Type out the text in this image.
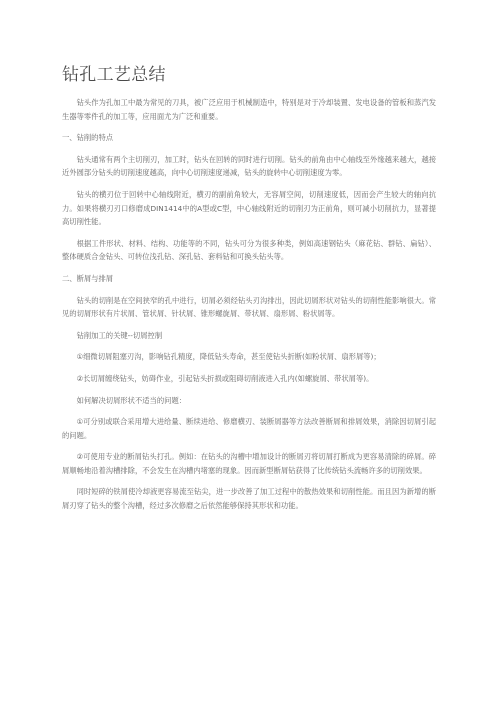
钻孔工艺总结

钻头作为孔加工中最为常见的刀具，被广泛应用于机械制造中，特别是对于冷却装置、发电设备的管板和蒸汽发生器等零件孔的加工等，应用面尤为广泛和重要。

一、钻削的特点

钻头通常有两个主切削刃，加工时，钻头在回转的同时进行切削。钻头的前角由中心轴线至外缘越来越大，越接近外圆部分钻头的切削速度越高，向中心切削速度递减，钻头的旋转中心切削速度为零。

钻头的横刃位于回转中心轴线附近，横刃的副前角较大，无容屑空间，切削速度低，因而会产生较大的轴向抗力。如果将横刃刃口修磨成DIN1414中的A型或C型，中心轴线附近的切削刃为正前角，则可减小切削抗力，显著提高切削性能。

根据工件形状、材料、结构、功能等的不同，钻头可分为很多种类，例如高速钢钻头（麻花钻、群钻、扁钻）、整体硬质合金钻头、可转位浅孔钻、深孔钻、套料钻和可换头钻头等。

二、断屑与排屑

钻头的切削是在空间狭窄的孔中进行，切屑必须经钻头刃沟排出，因此切屑形状对钻头的切削性能影响很大。常见的切屑形状有片状屑、管状屑、针状屑、锥形螺旋屑、带状屑、扇形屑、粉状屑等。

钻削加工的关键--切屑控制

①细微切屑阻塞刃沟，影响钻孔精度，降低钻头寿命，甚至使钻头折断(如粉状屑、扇形屑等)；

②长切屑缠绕钻头，妨碍作业，引起钻头折损或阻碍切削液进入孔内(如螺旋屑、带状屑等)。

如何解决切屑形状不适当的问题：

①可分别或联合采用增大进给量、断续进给、修磨横刃、装断屑器等方法改善断屑和排屑效果，消除因切屑引起的问题。

②可使用专业的断屑钻头打孔。例如：在钻头的沟槽中增加设计的断屑刃将切屑打断成为更容易清除的碎屑。碎屑顺畅地沿着沟槽排除，不会发生在沟槽内堵塞的现象。因而新型断屑钻获得了比传统钻头流畅许多的切削效果。

同时短碎的铁屑使冷却液更容易流至钻尖，进一步改善了加工过程中的散热效果和切削性能。而且因为新增的断屑刃穿了钻头的整个沟槽，经过多次修磨之后依然能够保持其形状和功能。
